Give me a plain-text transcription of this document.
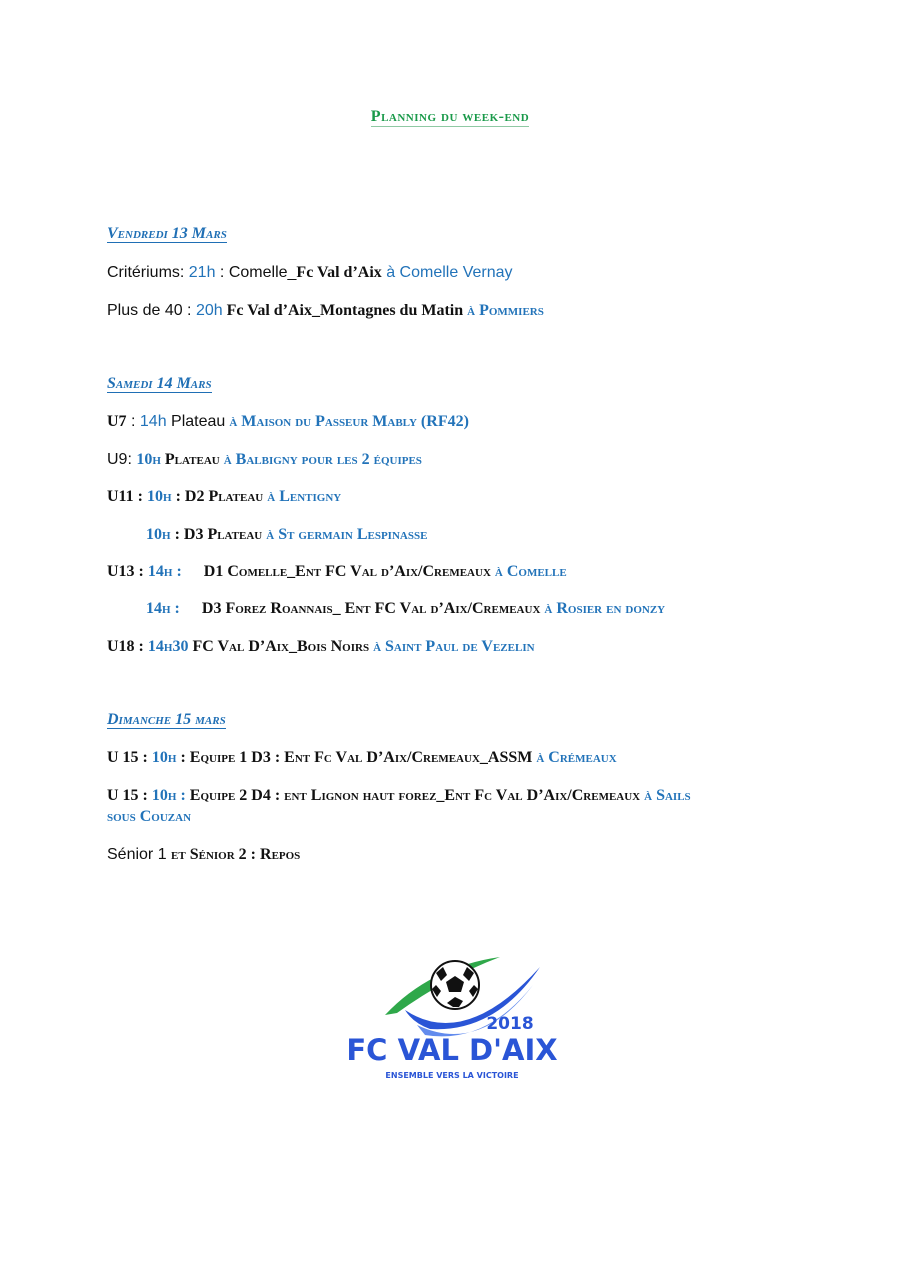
Planning du week-end
Vendredi 13 Mars
Critériums: 21h : Comelle_Fc Val d’Aix à Comelle Vernay
Plus de 40 : 20h Fc Val d’Aix_Montagnes du Matin à Pommiers
Samedi 14 Mars
U7 : 14h Plateau à Maison du Passeur Mably (RF42)
U9: 10h Plateau à Balbigny pour les 2 équipes
U11 : 10h : D2 Plateau à Lentigny
10h : D3 Plateau à St germain Lespinasse
U13 : 14h : D1 Comelle_Ent FC Val d’Aix/Cremeaux à Comelle
14h : D3 Forez Roannais_ Ent FC Val d’Aix/Cremeaux à Rosier en donzy
U18 : 14h30 FC Val D’Aix_Bois Noirs à Saint Paul de Vezelin
Dimanche 15 mars
U 15 : 10h : Equipe 1 D3 : Ent Fc Val D’Aix/Cremeaux_ASSM à Crémeaux
U 15 : 10h : Equipe 2 D4 : ent Lignon haut forez_Ent Fc Val D’Aix/Cremeaux à Sails
sous Couzan
Sénior 1 et Sénior 2 : Repos
2018
FC VAL D'AIX
ENSEMBLE VERS LA VICTOIRE
